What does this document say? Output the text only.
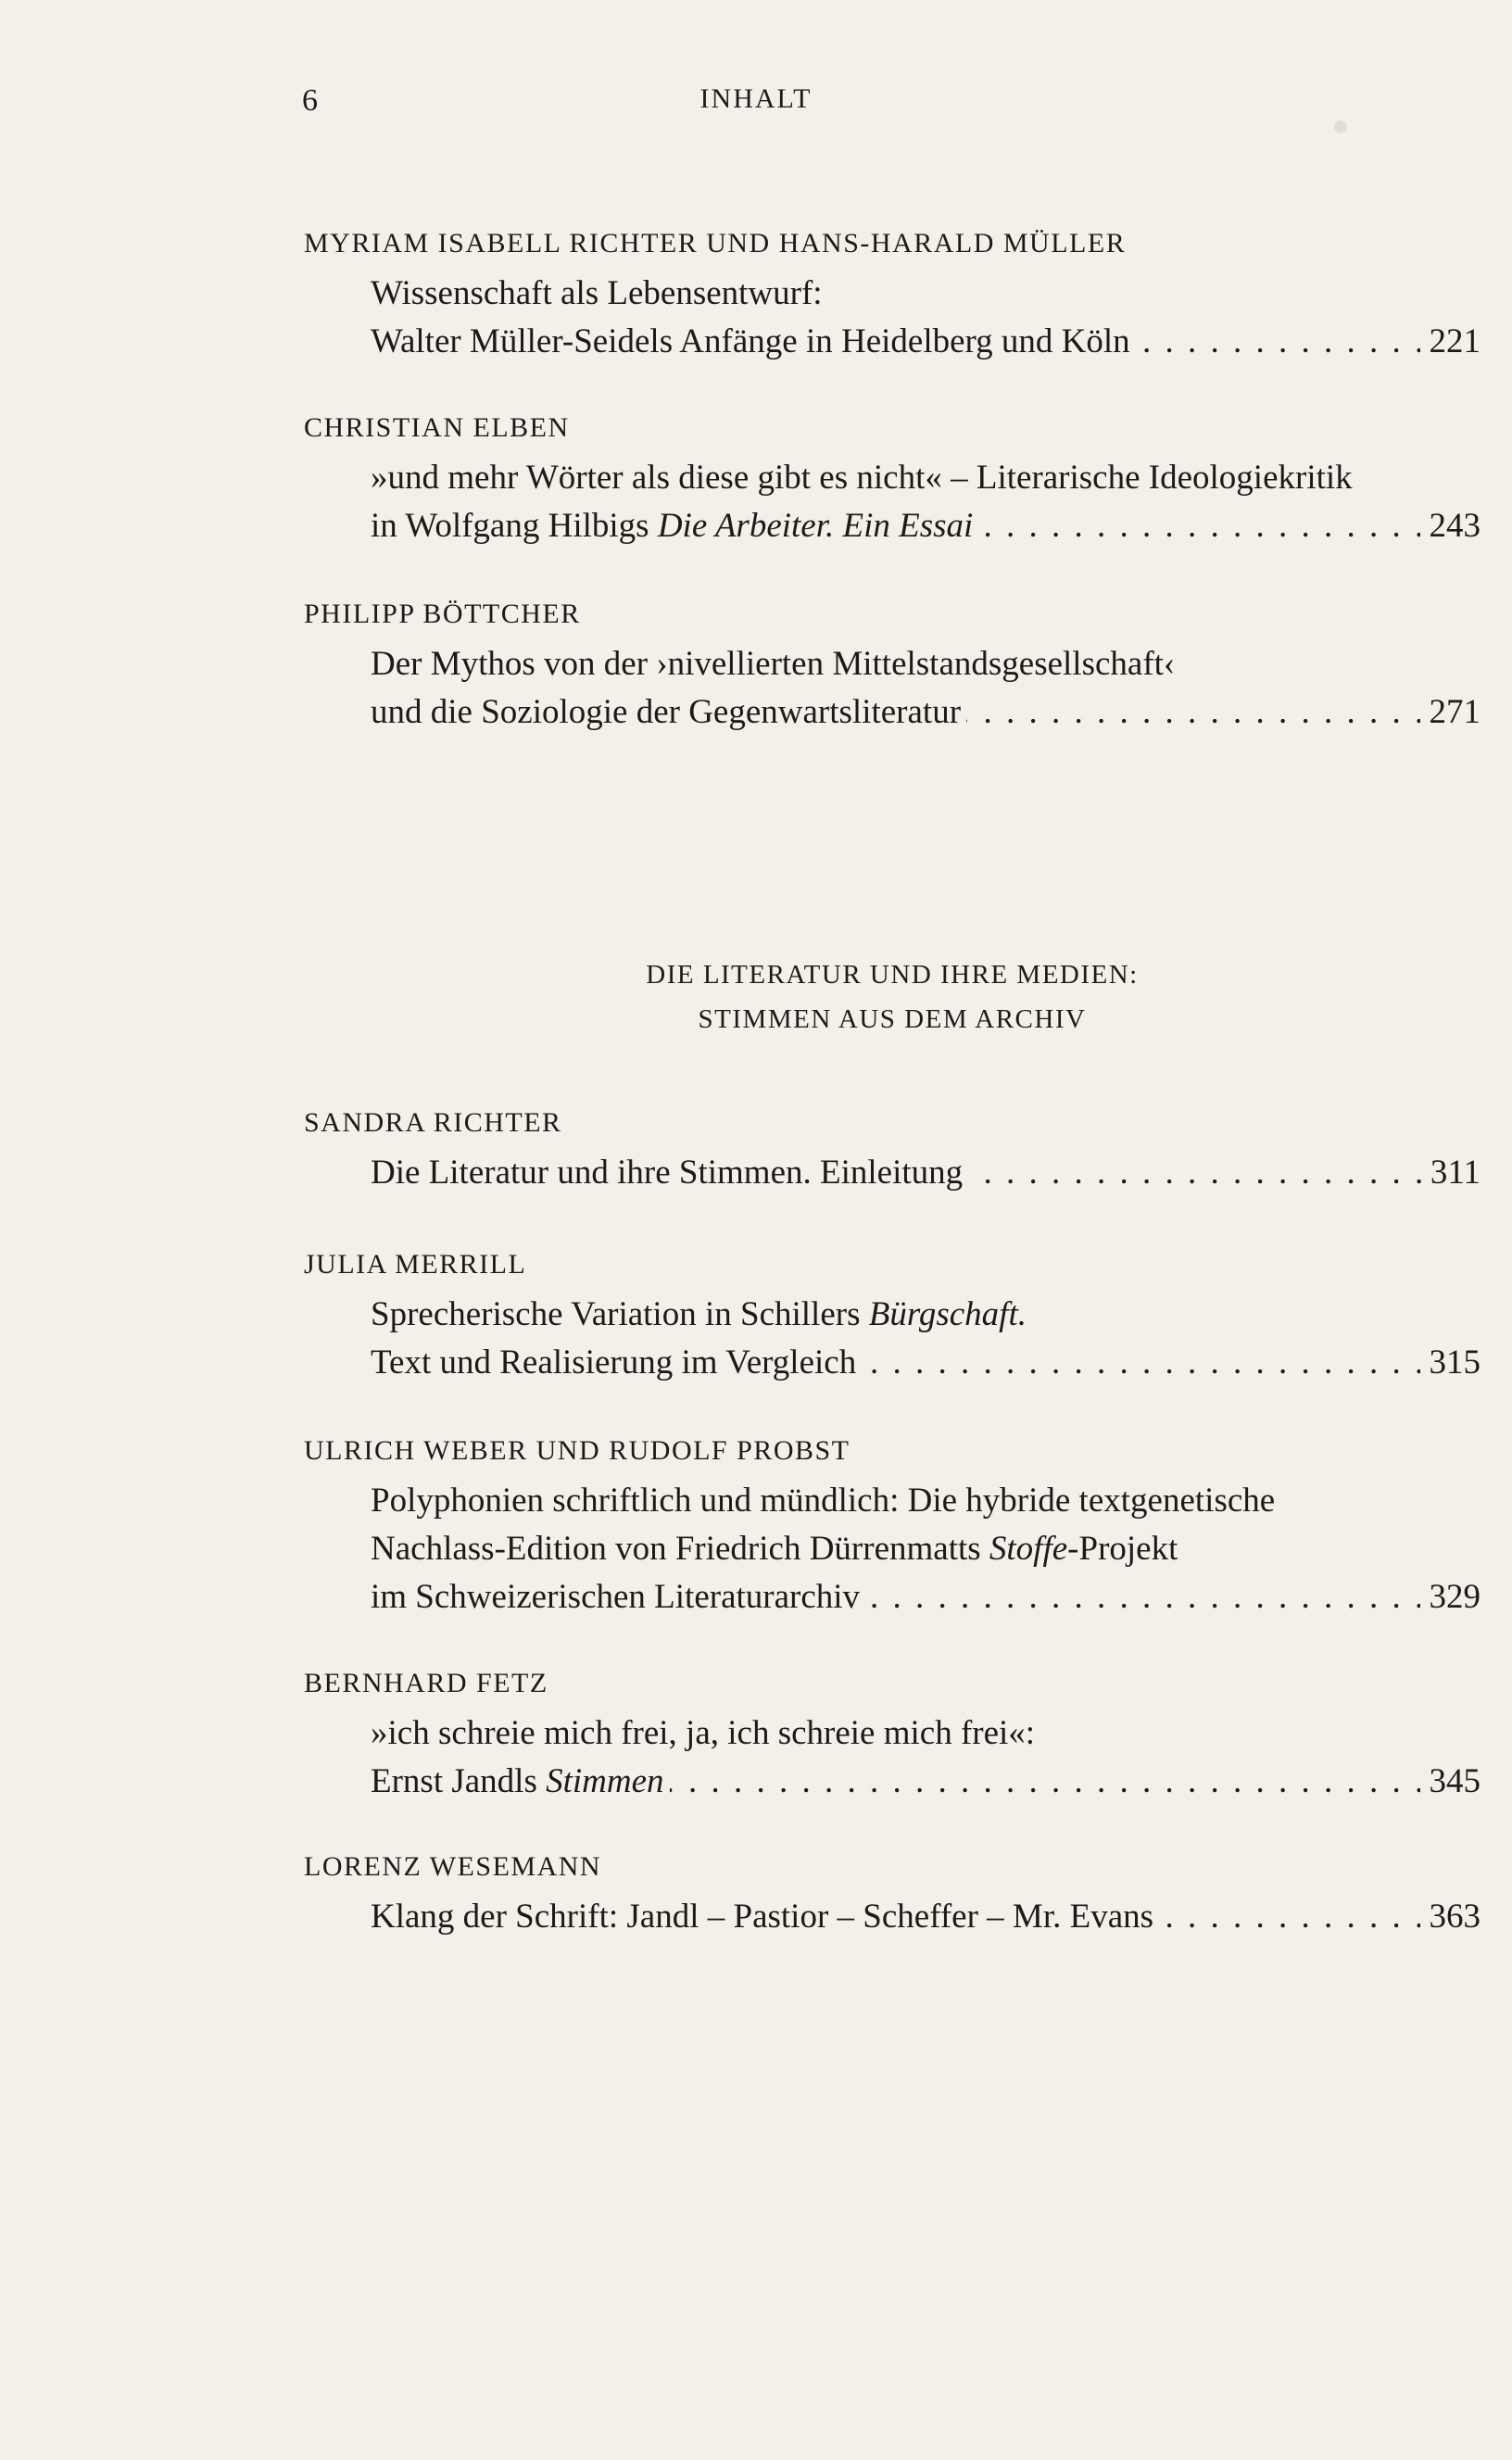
6	INHALT
MYRIAM ISABELL RICHTER UND HANS-HARALD MÜLLER
Wissenschaft als Lebensentwurf:
Walter Müller-Seidels Anfänge in Heidelberg und Köln	221
. . .
CHRISTIAN ELBEN
»und mehr Wörter als diese gibt es nicht« – Literarische Ideologiekritik
in Wolfgang Hilbigs Die Arbeiter. Ein Essai	243
. . .
PHILIPP BÖTTCHER
Der Mythos von der ›nivellierten Mittelstandsgesellschaft‹
und die Soziologie der Gegenwartsliteratur	271
. . .
DIE LITERATUR UND IHRE MEDIEN:
STIMMEN AUS DEM ARCHIV
SANDRA RICHTER
Die Literatur und ihre Stimmen. Einleitung	311
. . .
JULIA MERRILL
Sprecherische Variation in Schillers Bürgschaft.
Text und Realisierung im Vergleich	315
. . .
ULRICH WEBER UND RUDOLF PROBST
Polyphonien schriftlich und mündlich: Die hybride textgenetische
Nachlass-Edition von Friedrich Dürrenmatts Stoffe-Projekt
im Schweizerischen Literaturarchiv	329
. . .
BERNHARD FETZ
»ich schreie mich frei, ja, ich schreie mich frei«:
Ernst Jandls Stimmen	345
. . .
LORENZ WESEMANN
Klang der Schrift: Jandl – Pastior – Scheffer – Mr. Evans	363
. . .
